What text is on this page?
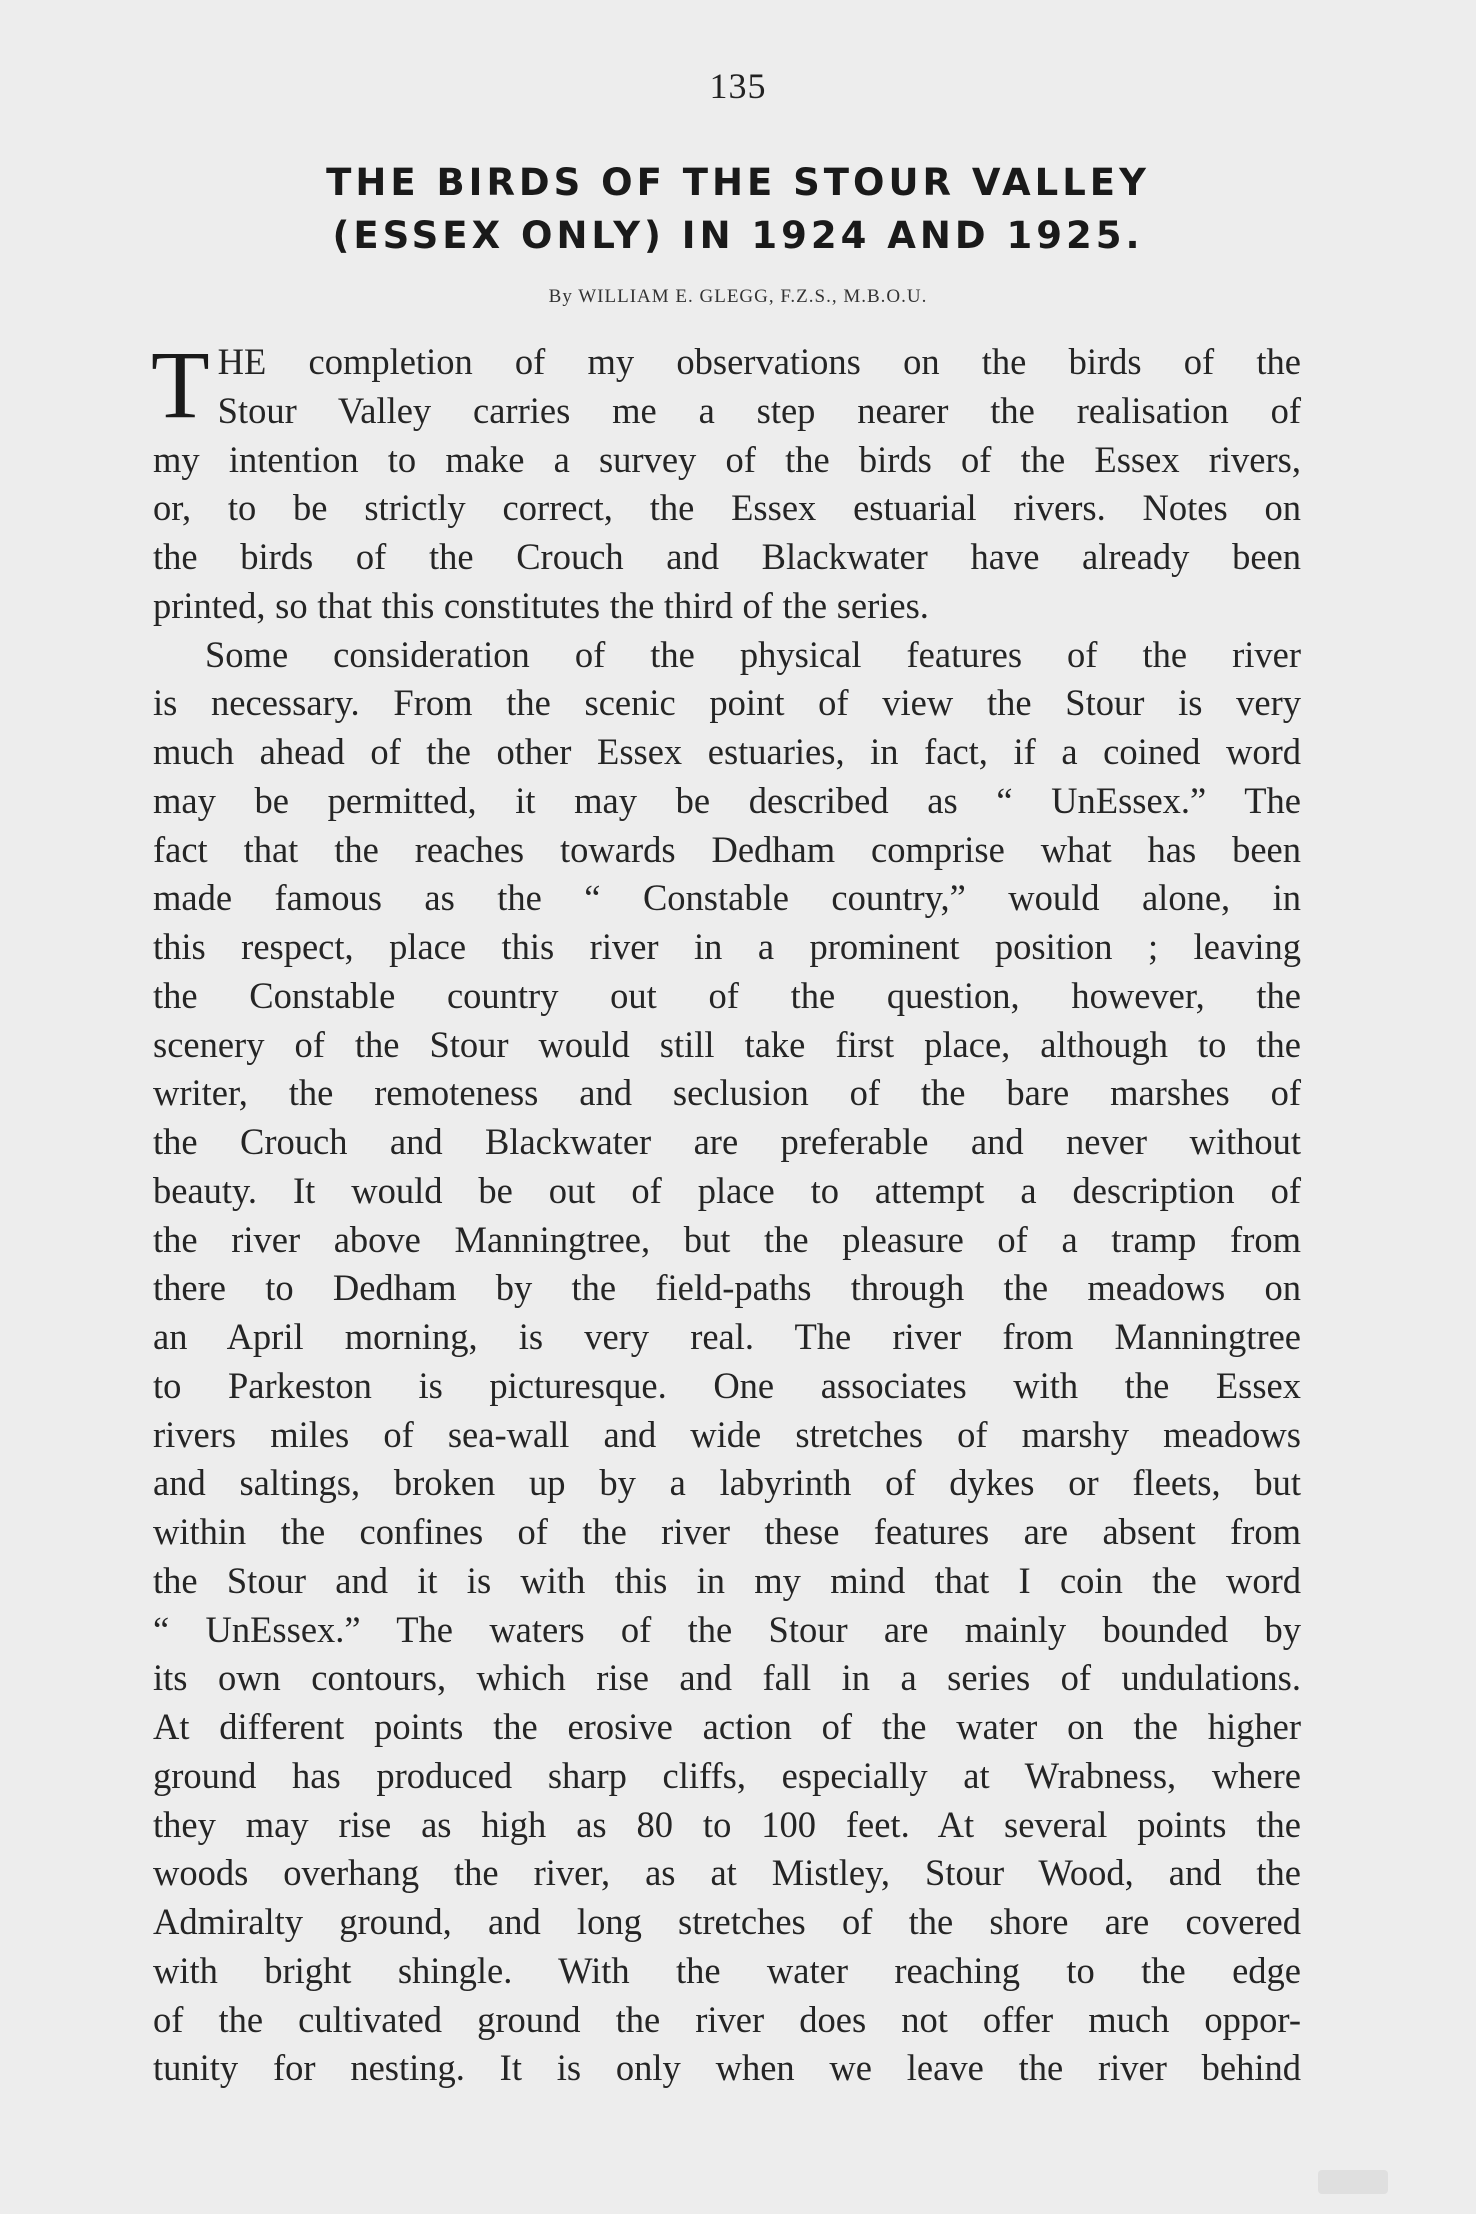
135
THE BIRDS OF THE STOUR VALLEY
(ESSEX ONLY) IN 1924 AND 1925.
By WILLIAM E. GLEGG, F.Z.S., M.B.O.U.
T HE completion of my observations on the birds of the
Stour Valley carries me a step nearer the realisation of
my intention to make a survey of the birds of the Essex rivers,
or, to be strictly correct, the Essex estuarial rivers. Notes on
the birds of the Crouch and Blackwater have already been
printed, so that this constitutes the third of the series.
Some consideration of the physical features of the river
is necessary. From the scenic point of view the Stour is very
much ahead of the other Essex estuaries, in fact, if a coined word
may be permitted, it may be described as “ UnEssex.” The
fact that the reaches towards Dedham comprise what has been
made famous as the “ Constable country,” would alone, in
this respect, place this river in a prominent position ; leaving
the Constable country out of the question, however, the
scenery of the Stour would still take first place, although to the
writer, the remoteness and seclusion of the bare marshes of
the Crouch and Blackwater are preferable and never without
beauty. It would be out of place to attempt a description of
the river above Manningtree, but the pleasure of a tramp from
there to Dedham by the field-paths through the meadows on
an April morning, is very real. The river from Manningtree
to Parkeston is picturesque. One associates with the Essex
rivers miles of sea-wall and wide stretches of marshy meadows
and saltings, broken up by a labyrinth of dykes or fleets, but
within the confines of the river these features are absent from
the Stour and it is with this in my mind that I coin the word
“ UnEssex.” The waters of the Stour are mainly bounded by
its own contours, which rise and fall in a series of undulations.
At different points the erosive action of the water on the higher
ground has produced sharp cliffs, especially at Wrabness, where
they may rise as high as 80 to 100 feet. At several points the
woods overhang the river, as at Mistley, Stour Wood, and the
Admiralty ground, and long stretches of the shore are covered
with bright shingle. With the water reaching to the edge
of the cultivated ground the river does not offer much oppor-
tunity for nesting. It is only when we leave the river behind
